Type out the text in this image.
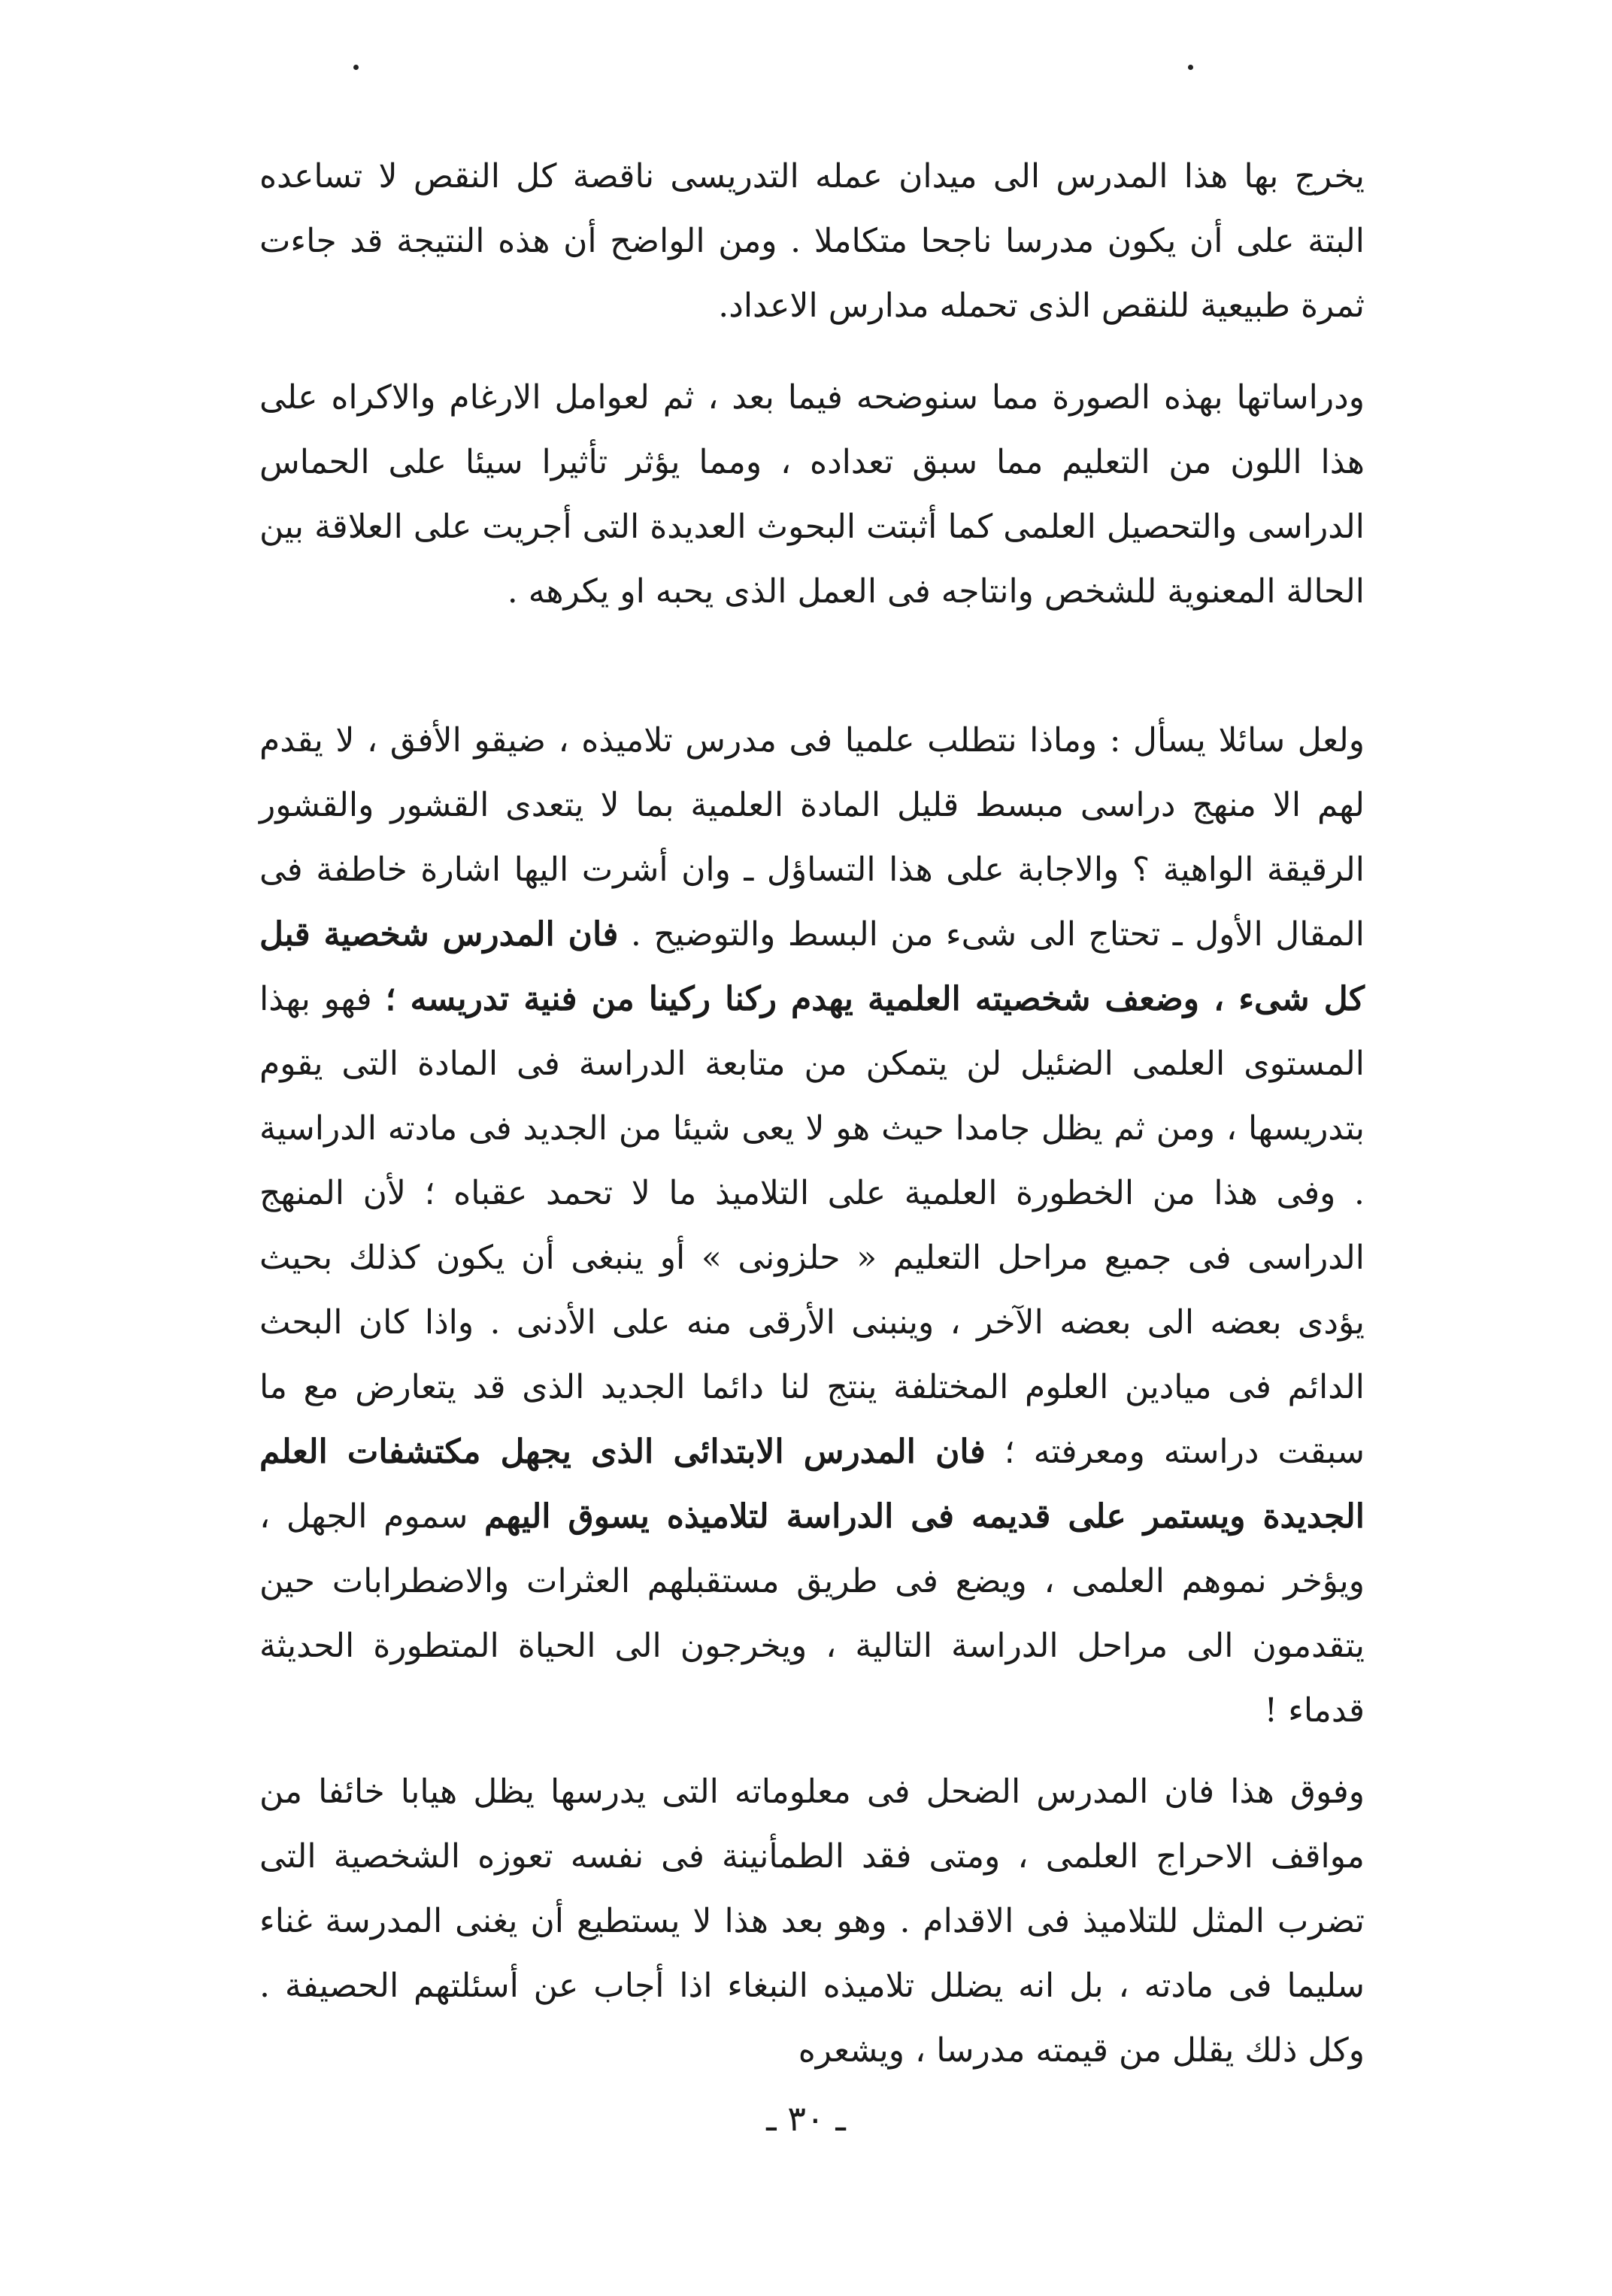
يخرج بها هذا المدرس الى ميدان عمله التدريسى ناقصة كل النقص لا تساعده البتة على أن يكون مدرسا ناجحا متكاملا . ومن الواضح أن هذه النتيجة قد جاءت ثمرة طبيعية للنقص الذى تحمله مدارس الاعداد.

ودراساتها بهذه الصورة مما سنوضحه فيما بعد ، ثم لعوامل الارغام والاكراه على هذا اللون من التعليم مما سبق تعداده ، ومما يؤثر تأثيرا سيئا على الحماس الدراسى والتحصيل العلمى كما أثبتت البحوث العديدة التى أجريت على العلاقة بين الحالة المعنوية للشخص وانتاجه فى العمل الذى يحبه او يكرهه .

ولعل سائلا يسأل : وماذا نتطلب علميا فى مدرس تلاميذه ، ضيقو الأفق ، لا يقدم لهم الا منهج دراسى مبسط قليل المادة العلمية بما لا يتعدى القشور والقشور الرقيقة الواهية ؟ والاجابة على هذا التساؤل ـ وان أشرت اليها اشارة خاطفة فى المقال الأول ـ تحتاج الى شىء من البسط والتوضيح . فان المدرس شخصية قبل كل شىء ، وضعف شخصيته العلمية يهدم ركنا ركينا من فنية تدريسه ؛ فهو بهذا المستوى العلمى الضئيل لن يتمكن من متابعة الدراسة فى المادة التى يقوم بتدريسها ، ومن ثم يظل جامدا حيث هو لا يعى شيئا من الجديد فى مادته الدراسية . وفى هذا من الخطورة العلمية على التلاميذ ما لا تحمد عقباه ؛ لأن المنهج الدراسى فى جميع مراحل التعليم « حلزونى » أو ينبغى أن يكون كذلك بحيث يؤدى بعضه الى بعضه الآخر ، وينبنى الأرقى منه على الأدنى . واذا كان البحث الدائم فى ميادين العلوم المختلفة ينتج لنا دائما الجديد الذى قد يتعارض مع ما سبقت دراسته ومعرفته ؛ فان المدرس الابتدائى الذى يجهل مكتشفات العلم الجديدة ويستمر على قديمه فى الدراسة لتلاميذه يسوق اليهم سموم الجهل ، ويؤخر نموهم العلمى ، ويضع فى طريق مستقبلهم العثرات والاضطرابات حين يتقدمون الى مراحل الدراسة التالية ، ويخرجون الى الحياة المتطورة الحديثة قدماء !

وفوق هذا فان المدرس الضحل فى معلوماته التى يدرسها يظل هيابا خائفا من مواقف الاحراج العلمى ، ومتى فقد الطمأنينة فى نفسه تعوزه الشخصية التى تضرب المثل للتلاميذ فى الاقدام . وهو بعد هذا لا يستطيع أن يغنى المدرسة غناء سليما فى مادته ، بل انه يضلل تلاميذه النبغاء اذا أجاب عن أسئلتهم الحصيفة . وكل ذلك يقلل من قيمته مدرسا ، ويشعره

ـ ٣٠ ـ
